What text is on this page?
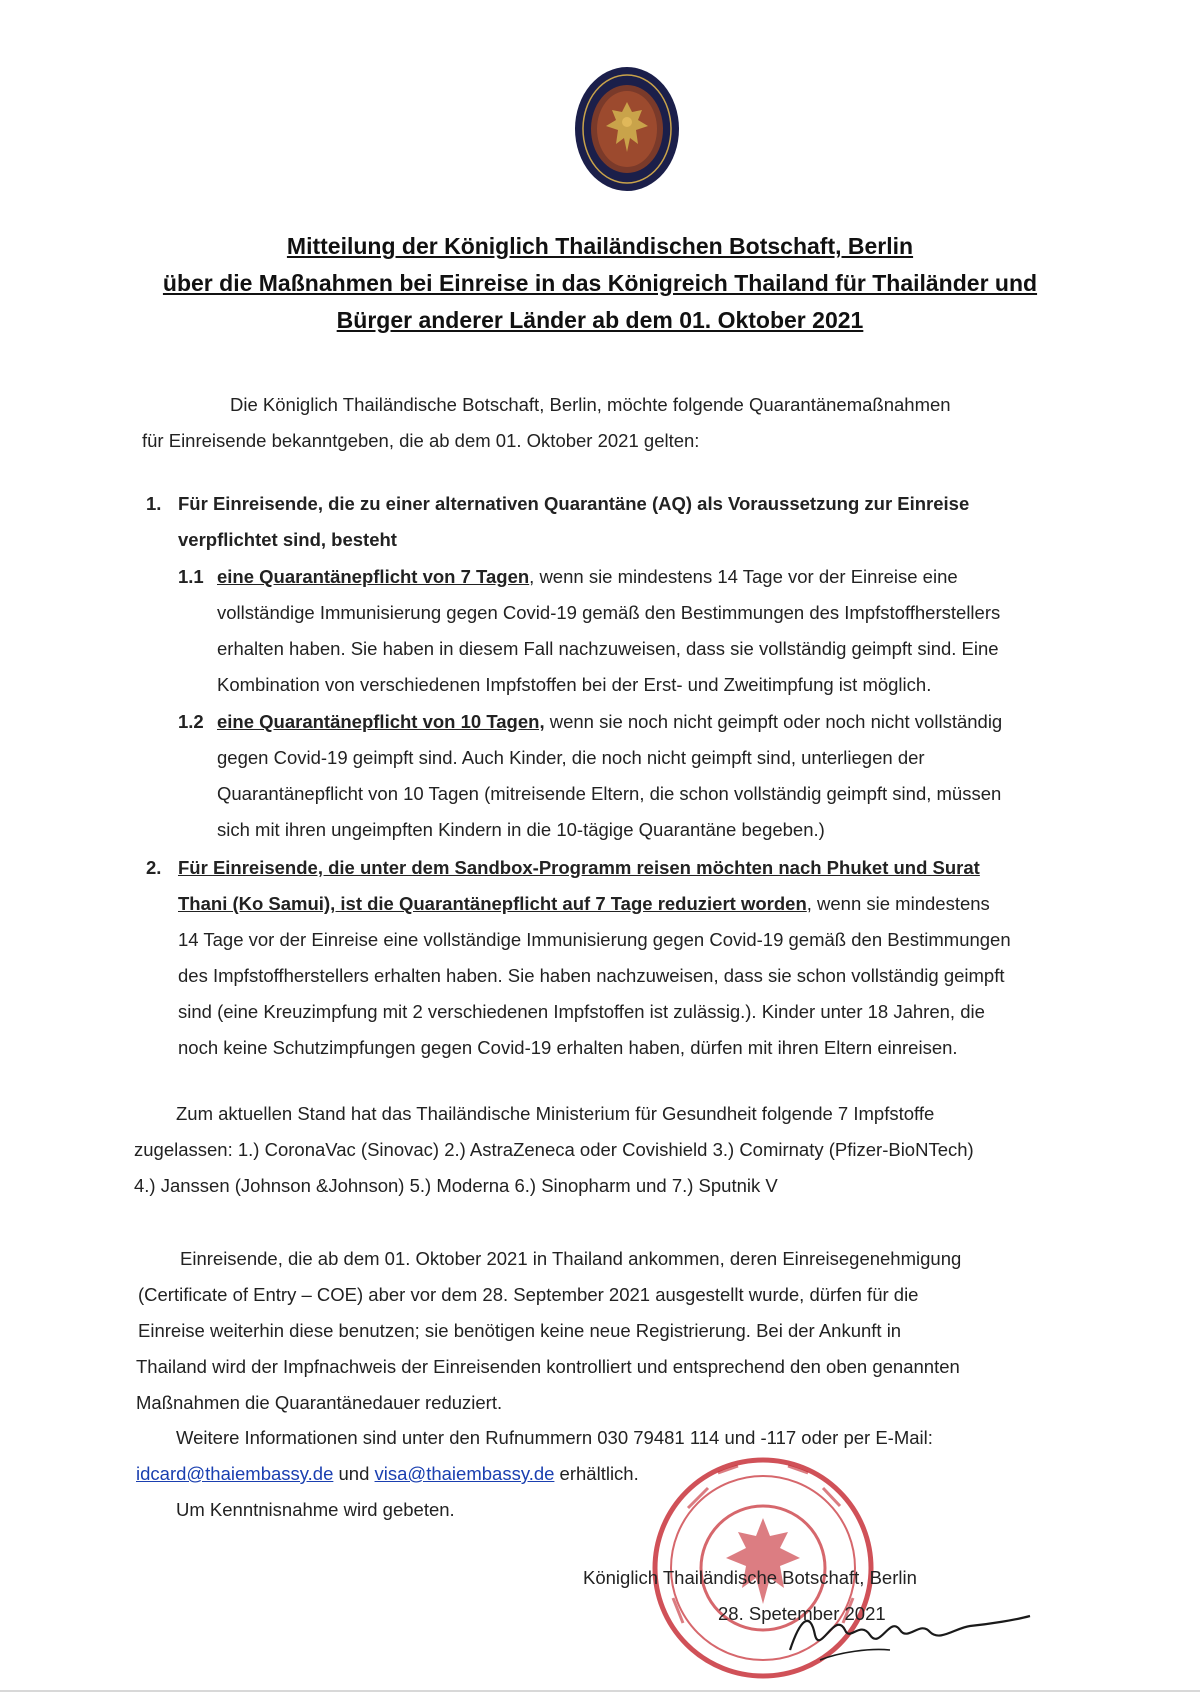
Mitteilung der Königlich Thailändischen Botschaft, Berlin
über die Maßnahmen bei Einreise in das Königreich Thailand für Thailänder und
Bürger anderer Länder ab dem 01. Oktober 2021
Die Königlich Thailändische Botschaft, Berlin, möchte folgende Quarantänemaßnahmen
für Einreisende bekanntgeben, die ab dem 01. Oktober 2021 gelten:
1. Für Einreisende, die zu einer alternativen Quarantäne (AQ) als Voraussetzung zur Einreise
verpflichtet sind, besteht
1.1 eine Quarantänepflicht von 7 Tagen, wenn sie mindestens 14 Tage vor der Einreise eine
vollständige Immunisierung gegen Covid-19 gemäß den Bestimmungen des Impfstoffherstellers
erhalten haben. Sie haben in diesem Fall nachzuweisen, dass sie vollständig geimpft sind. Eine
Kombination von verschiedenen Impfstoffen bei der Erst- und Zweitimpfung ist möglich.
1.2 eine Quarantänepflicht von 10 Tagen, wenn sie noch nicht geimpft oder noch nicht vollständig
gegen Covid-19 geimpft sind. Auch Kinder, die noch nicht geimpft sind, unterliegen der
Quarantänepflicht von 10 Tagen (mitreisende Eltern, die schon vollständig geimpft sind, müssen
sich mit ihren ungeimpften Kindern in die 10-tägige Quarantäne begeben.)
2. Für Einreisende, die unter dem Sandbox-Programm reisen möchten nach Phuket und Surat
Thani (Ko Samui), ist die Quarantänepflicht auf 7 Tage reduziert worden, wenn sie mindestens
14 Tage vor der Einreise eine vollständige Immunisierung gegen Covid-19 gemäß den Bestimmungen
des Impfstoffherstellers erhalten haben. Sie haben nachzuweisen, dass sie schon vollständig geimpft
sind (eine Kreuzimpfung mit 2 verschiedenen Impfstoffen ist zulässig.). Kinder unter 18 Jahren, die
noch keine Schutzimpfungen gegen Covid-19 erhalten haben, dürfen mit ihren Eltern einreisen.
Zum aktuellen Stand hat das Thailändische Ministerium für Gesundheit folgende 7 Impfstoffe
zugelassen: 1.) CoronaVac (Sinovac) 2.) AstraZeneca oder Covishield 3.) Comirnaty (Pfizer-BioNTech)
4.) Janssen (Johnson &Johnson) 5.) Moderna 6.) Sinopharm und 7.) Sputnik V
Einreisende, die ab dem 01. Oktober 2021 in Thailand ankommen, deren Einreisegenehmigung
(Certificate of Entry – COE) aber vor dem 28. September 2021 ausgestellt wurde, dürfen für die
Einreise weiterhin diese benutzen; sie benötigen keine neue Registrierung. Bei der Ankunft in
Thailand wird der Impfnachweis der Einreisenden kontrolliert und entsprechend den oben genannten
Maßnahmen die Quarantänedauer reduziert.
Weitere Informationen sind unter den Rufnummern 030 79481 114 und -117 oder per E-Mail:
idcard@thaiembassy.de und visa@thaiembassy.de erhältlich.
Um Kenntnisnahme wird gebeten.
Königlich Thailändische Botschaft, Berlin
28. Spetember 2021
